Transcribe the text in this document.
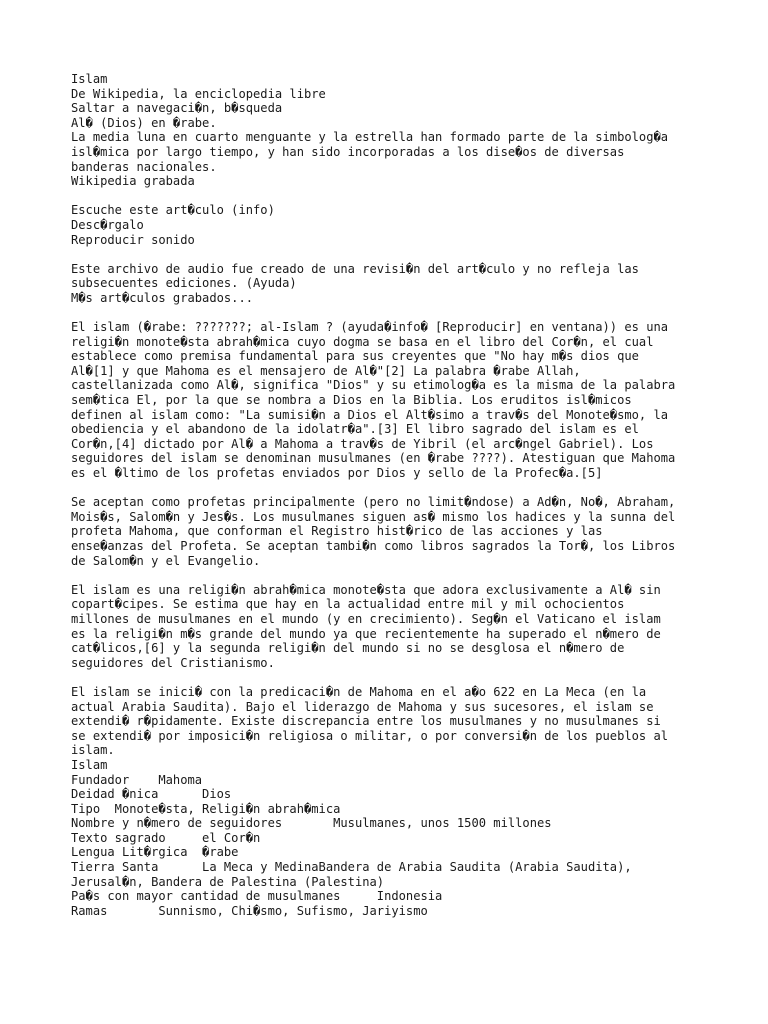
Islam
De Wikipedia, la enciclopedia libre
Saltar a navegaci�n, b�squeda
Al� (Dios) en �rabe.
La media luna en cuarto menguante y la estrella han formado parte de la simbolog�a
isl�mica por largo tiempo, y han sido incorporadas a los dise�os de diversas
banderas nacionales.
Wikipedia grabada
Escuche este art�culo (info)
Desc�rgalo
Reproducir sonido
Este archivo de audio fue creado de una revisi�n del art�culo y no refleja las
subsecuentes ediciones. (Ayuda)
M�s art�culos grabados...
El islam (�rabe: ???????; al-Islam ? (ayuda�info� [Reproducir] en ventana)) es una
religi�n monote�sta abrah�mica cuyo dogma se basa en el libro del Cor�n, el cual
establece como premisa fundamental para sus creyentes que "No hay m�s dios que
Al�[1] y que Mahoma es el mensajero de Al�"[2] La palabra �rabe Allah,
castellanizada como Al�, significa "Dios" y su etimolog�a es la misma de la palabra
sem�tica El, por la que se nombra a Dios en la Biblia. Los eruditos isl�micos
definen al islam como: "La sumisi�n a Dios el Alt�simo a trav�s del Monote�smo, la
obediencia y el abandono de la idolatr�a".[3] El libro sagrado del islam es el
Cor�n,[4] dictado por Al� a Mahoma a trav�s de Yibril (el arc�ngel Gabriel). Los
seguidores del islam se denominan musulmanes (en �rabe ????). Atestiguan que Mahoma
es el �ltimo de los profetas enviados por Dios y sello de la Profec�a.[5]
Se aceptan como profetas principalmente (pero no limit�ndose) a Ad�n, No�, Abraham,
Mois�s, Salom�n y Jes�s. Los musulmanes siguen as� mismo los hadices y la sunna del
profeta Mahoma, que conforman el Registro hist�rico de las acciones y las
ense�anzas del Profeta. Se aceptan tambi�n como libros sagrados la Tor�, los Libros
de Salom�n y el Evangelio.
El islam es una religi�n abrah�mica monote�sta que adora exclusivamente a Al� sin
copart�cipes. Se estima que hay en la actualidad entre mil y mil ochocientos
millones de musulmanes en el mundo (y en crecimiento). Seg�n el Vaticano el islam
es la religi�n m�s grande del mundo ya que recientemente ha superado el n�mero de
cat�licos,[6] y la segunda religi�n del mundo si no se desglosa el n�mero de
seguidores del Cristianismo.
El islam se inici� con la predicaci�n de Mahoma en el a�o 622 en La Meca (en la
actual Arabia Saudita). Bajo el liderazgo de Mahoma y sus sucesores, el islam se
extendi� r�pidamente. Existe discrepancia entre los musulmanes y no musulmanes si
se extendi� por imposici�n religiosa o militar, o por conversi�n de los pueblos al
islam.
Islam
Fundador    Mahoma
Deidad �nica      Dios
Tipo  Monote�sta, Religi�n abrah�mica
Nombre y n�mero de seguidores       Musulmanes, unos 1500 millones
Texto sagrado     el Cor�n
Lengua Lit�rgica  �rabe
Tierra Santa      La Meca y MedinaBandera de Arabia Saudita (Arabia Saudita),
Jerusal�n, Bandera de Palestina (Palestina)
Pa�s con mayor cantidad de musulmanes     Indonesia
Ramas       Sunnismo, Chi�smo, Sufismo, Jariyismo
